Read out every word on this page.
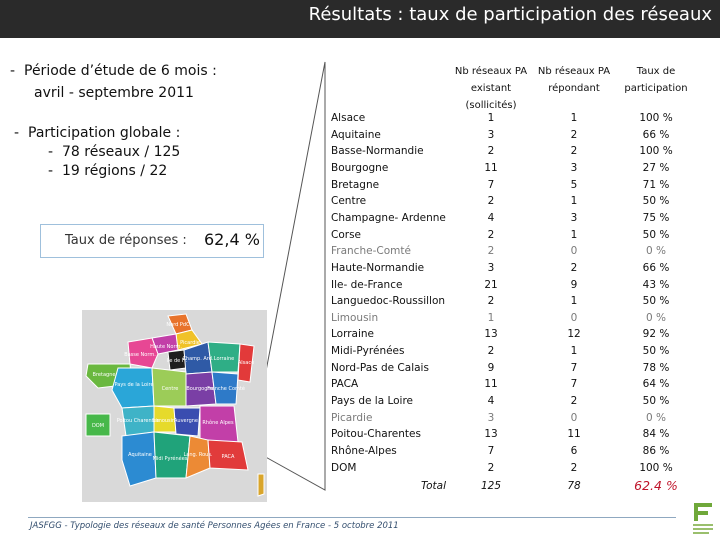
Résultats : taux de participation des réseaux
- Période d’étude de 6 mois :
avril - septembre 2011
- Participation globale :
- 78 réseaux / 125
- 19 régions / 22
Taux de réponses : 62,4 %
Nord PdC
Picardie
Haute Norm.
Basse Norm.
Bretagne
Ile de Fr.
Champ. Ard. Lorraine
Alsace
Pays de la Loire
Centre Bourgogne
Franche Comté
Poitou Charentes
Limousin
Auvergne Rhône Alpes
Aquitaine
Midi Pyrénées
Lang. Rous. PACA
DOM
Nb réseaux PA existant (sollicités)
Nb réseaux PA répondant
Taux de participation
Alsace	1	1	100 %
Aquitaine	3	2	66 %
Basse-Normandie	2	2	100 %
Bourgogne	11	3	27 %
Bretagne	7	5	71 %
Centre	2	1	50 %
Champagne- Ardenne	4	3	75 %
Corse	2	1	50 %
Franche-Comté	2	0	0 %
Haute-Normandie	3	2	66 %
Ile- de-France	21	9	43 %
Languedoc-Roussillon	2	1	50 %
Limousin	1	0	0 %
Lorraine	13	12	92 %
Midi-Pyrénées	2	1	50 %
Nord-Pas de Calais	9	7	78 %
PACA	11	7	64 %
Pays de la Loire	4	2	50 %
Picardie	3	0	0 %
Poitou-Charentes	13	11	84 %
Rhône-Alpes	7	6	86 %
DOM	2	2	100 %
Total	125	78	62.4 %
JASFGG - Typologie des réseaux de santé Personnes Agées en France - 5 octobre 2011
